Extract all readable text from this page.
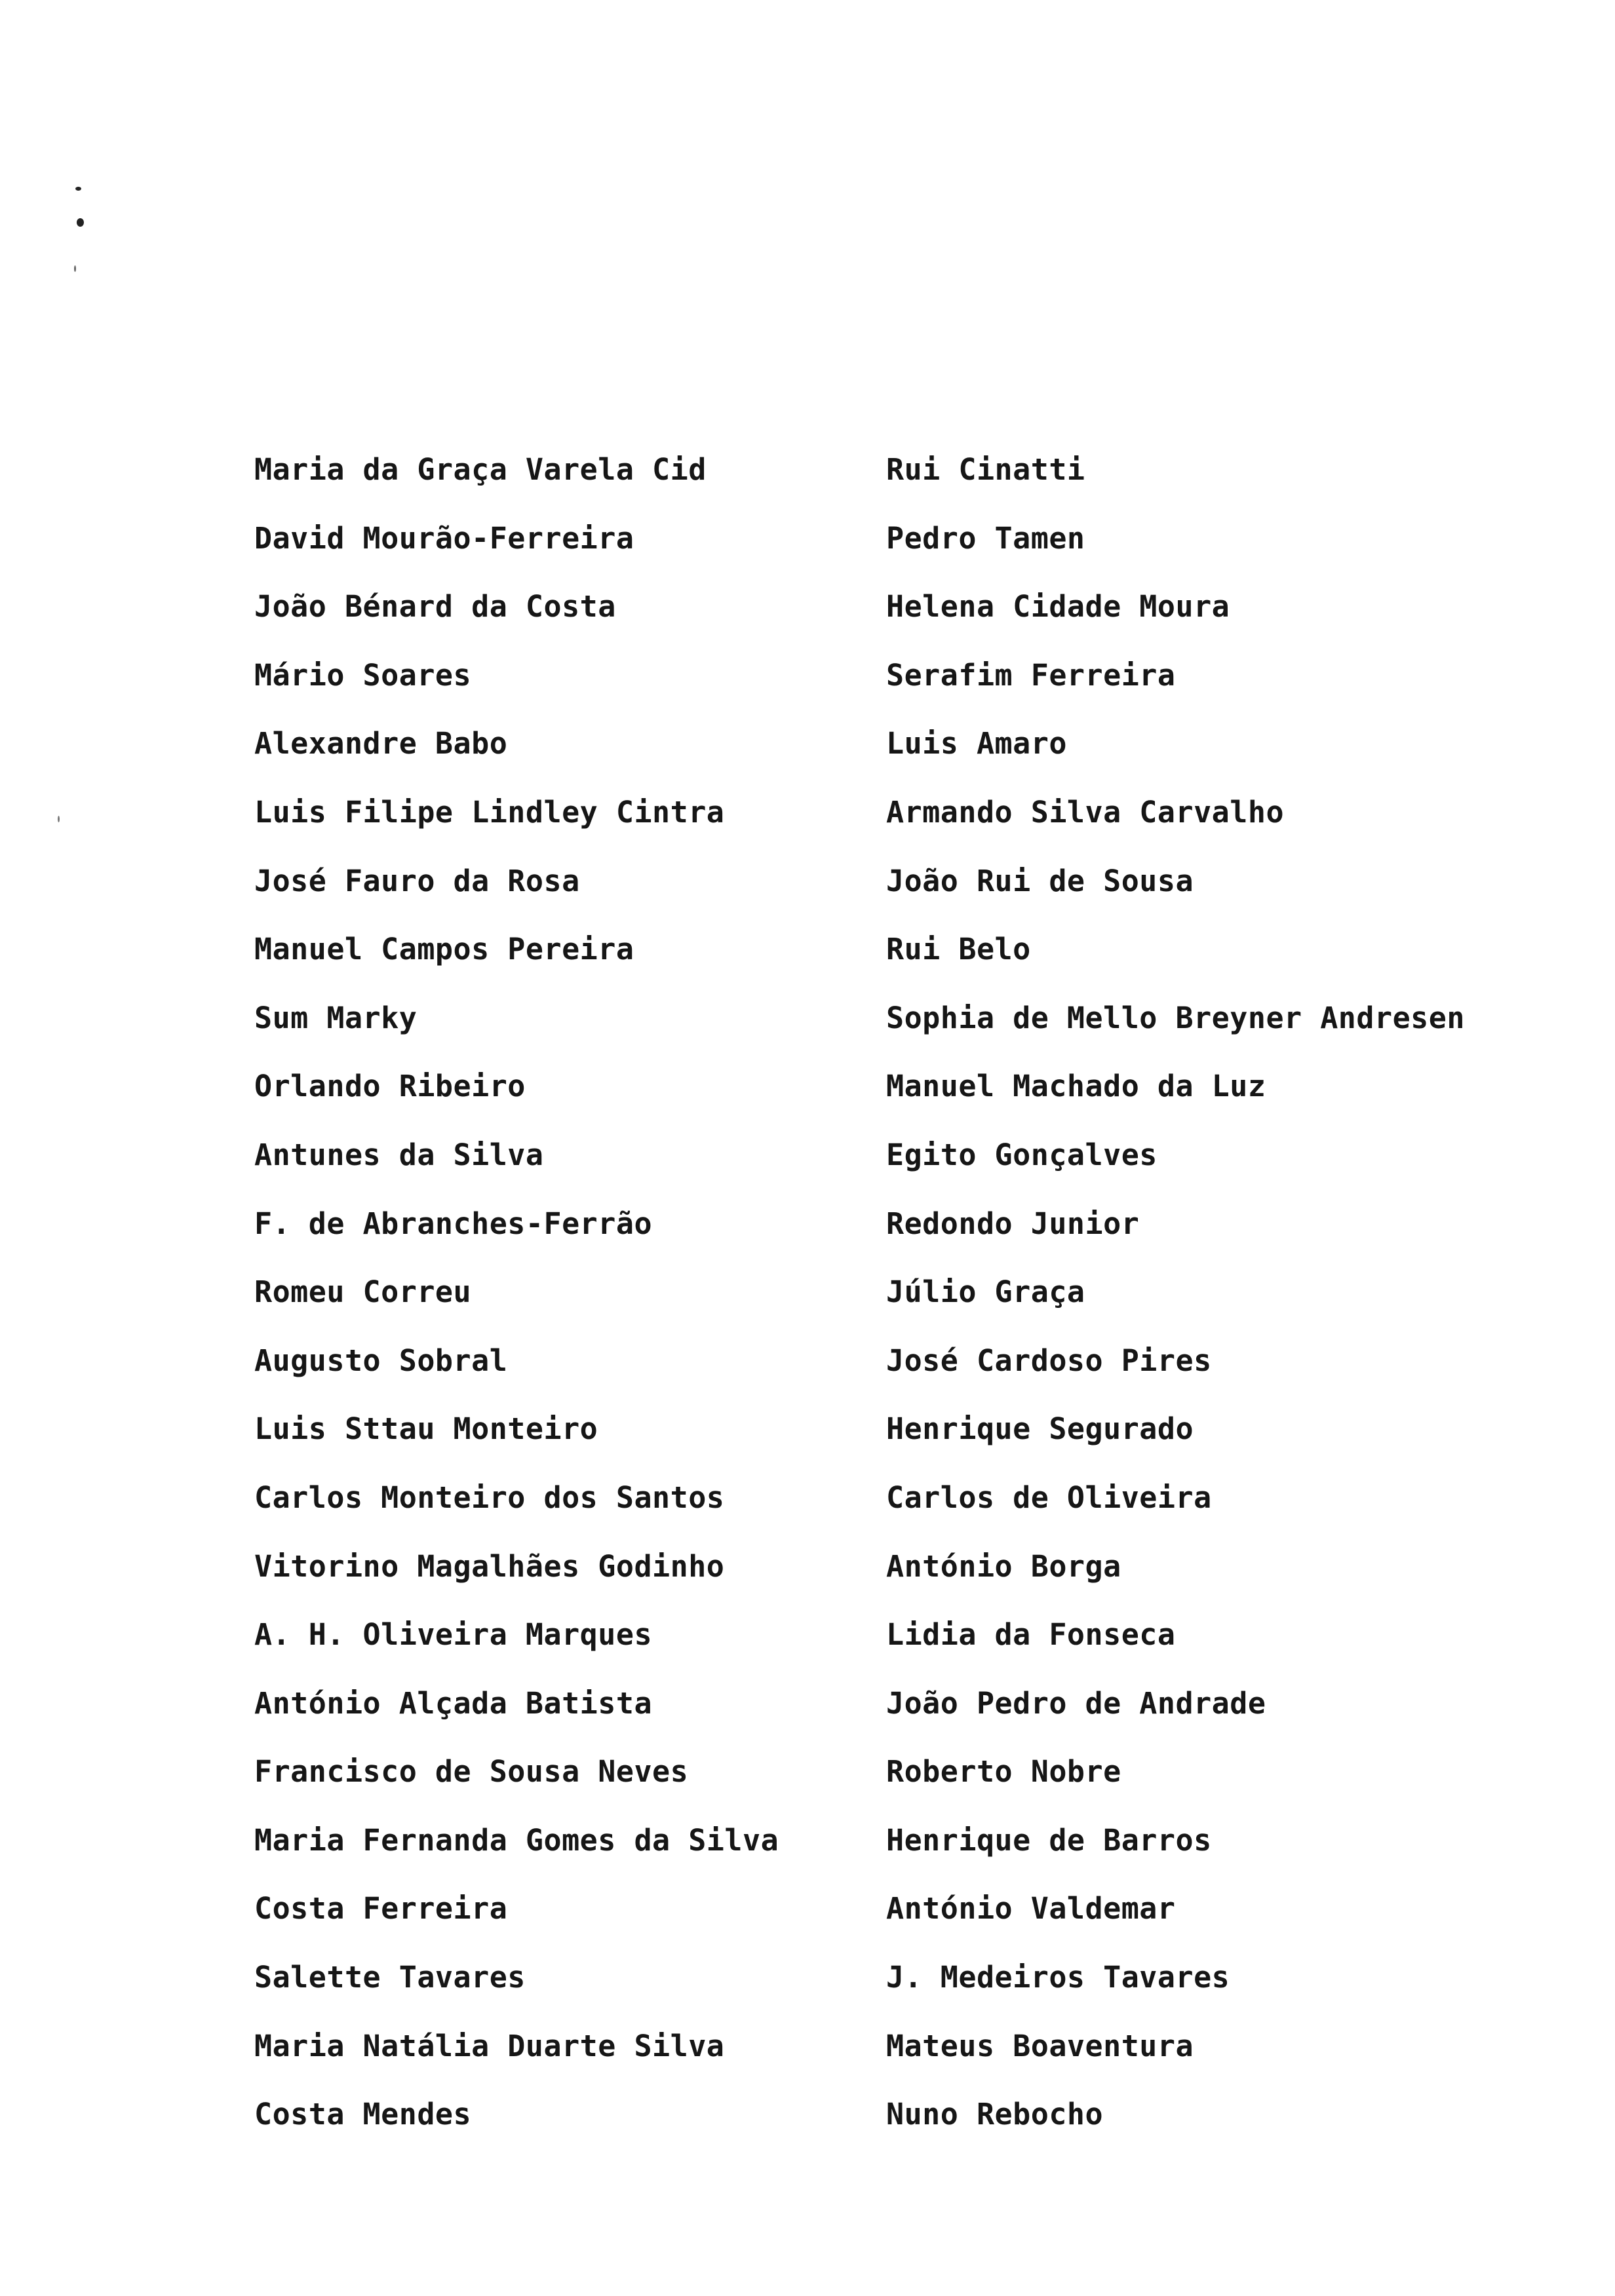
Maria da Graça Varela Cid
David Mourão-Ferreira
João Bénard da Costa
Mário Soares
Alexandre Babo
Luis Filipe Lindley Cintra
José Fauro da Rosa
Manuel Campos Pereira
Sum Marky
Orlando Ribeiro
Antunes da Silva
F. de Abranches-Ferrão
Romeu Correu
Augusto Sobral
Luis Sttau Monteiro
Carlos Monteiro dos Santos
Vitorino Magalhães Godinho
A. H. Oliveira Marques
António Alçada Batista
Francisco de Sousa Neves
Maria Fernanda Gomes da Silva
Costa Ferreira
Salette Tavares
Maria Natália Duarte Silva
Costa Mendes
Rui Cinatti
Pedro Tamen
Helena Cidade Moura
Serafim Ferreira
Luis Amaro
Armando Silva Carvalho
João Rui de Sousa
Rui Belo
Sophia de Mello Breyner Andresen
Manuel Machado da Luz
Egito Gonçalves
Redondo Junior
Júlio Graça
José Cardoso Pires
Henrique Segurado
Carlos de Oliveira
António Borga
Lidia da Fonseca
João Pedro de Andrade
Roberto Nobre
Henrique de Barros
António Valdemar
J. Medeiros Tavares
Mateus Boaventura
Nuno Rebocho
